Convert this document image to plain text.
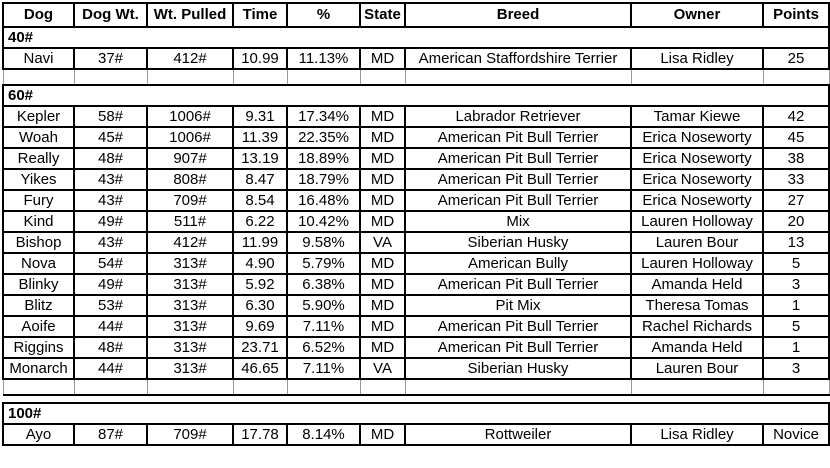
Dog	Dog Wt.	Wt. Pulled	Time	%	State	Breed	Owner	Points
40#								
Navi	37#	412#	10.99	11.13%	MD	American Staffordshire Terrier	Lisa Ridley	25

60#								
Kepler	58#	1006#	9.31	17.34%	MD	Labrador Retriever	Tamar Kiewe	42
Woah	45#	1006#	11.39	22.35%	MD	American Pit Bull Terrier	Erica Noseworty	45
Really	48#	907#	13.19	18.89%	MD	American Pit Bull Terrier	Erica Noseworty	38
Yikes	43#	808#	8.47	18.79%	MD	American Pit Bull Terrier	Erica Noseworty	33
Fury	43#	709#	8.54	16.48%	MD	American Pit Bull Terrier	Erica Noseworty	27
Kind	49#	511#	6.22	10.42%	MD	Mix	Lauren Holloway	20
Bishop	43#	412#	11.99	9.58%	VA	Siberian Husky	Lauren Bour	13
Nova	54#	313#	4.90	5.79%	MD	American Bully	Lauren Holloway	5
Blinky	49#	313#	5.92	6.38%	MD	American Pit Bull Terrier	Amanda Held	3
Blitz	53#	313#	6.30	5.90%	MD	Pit Mix	Theresa Tomas	1
Aoife	44#	313#	9.69	7.11%	MD	American Pit Bull Terrier	Rachel Richards	5
Riggins	48#	313#	23.71	6.52%	MD	American Pit Bull Terrier	Amanda Held	1
Monarch	44#	313#	46.65	7.11%	VA	Siberian Husky	Lauren Bour	3

100#
Ayo	87#	709#	17.78	8.14%	MD	Rottweiler	Lisa Ridley	Novice
